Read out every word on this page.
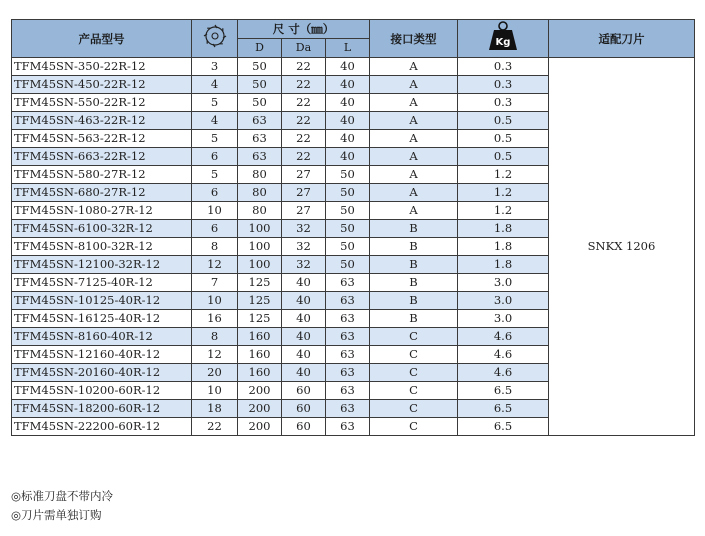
产品型号		尺 寸（㎜）			接口类型	Kg	适配刀片
		D	Da	L			
TFM45SN-350-22R-12	3	50	22	40	A	0.3	SNKX 1206
TFM45SN-450-22R-12	4	50	22	40	A	0.3	
TFM45SN-550-22R-12	5	50	22	40	A	0.3	
TFM45SN-463-22R-12	4	63	22	40	A	0.5	
TFM45SN-563-22R-12	5	63	22	40	A	0.5	
TFM45SN-663-22R-12	6	63	22	40	A	0.5	
TFM45SN-580-27R-12	5	80	27	50	A	1.2	
TFM45SN-680-27R-12	6	80	27	50	A	1.2	
TFM45SN-1080-27R-12	10	80	27	50	A	1.2	
TFM45SN-6100-32R-12	6	100	32	50	B	1.8	
TFM45SN-8100-32R-12	8	100	32	50	B	1.8	
TFM45SN-12100-32R-12	12	100	32	50	B	1.8	
TFM45SN-7125-40R-12	7	125	40	63	B	3.0	
TFM45SN-10125-40R-12	10	125	40	63	B	3.0	
TFM45SN-16125-40R-12	16	125	40	63	B	3.0	
TFM45SN-8160-40R-12	8	160	40	63	C	4.6	
TFM45SN-12160-40R-12	12	160	40	63	C	4.6	
TFM45SN-20160-40R-12	20	160	40	63	C	4.6	
TFM45SN-10200-60R-12	10	200	60	63	C	6.5	
TFM45SN-18200-60R-12	18	200	60	63	C	6.5	
TFM45SN-22200-60R-12	22	200	60	63	C	6.5	
◎标准刀盘不带内冷
◎刀片需单独订购
